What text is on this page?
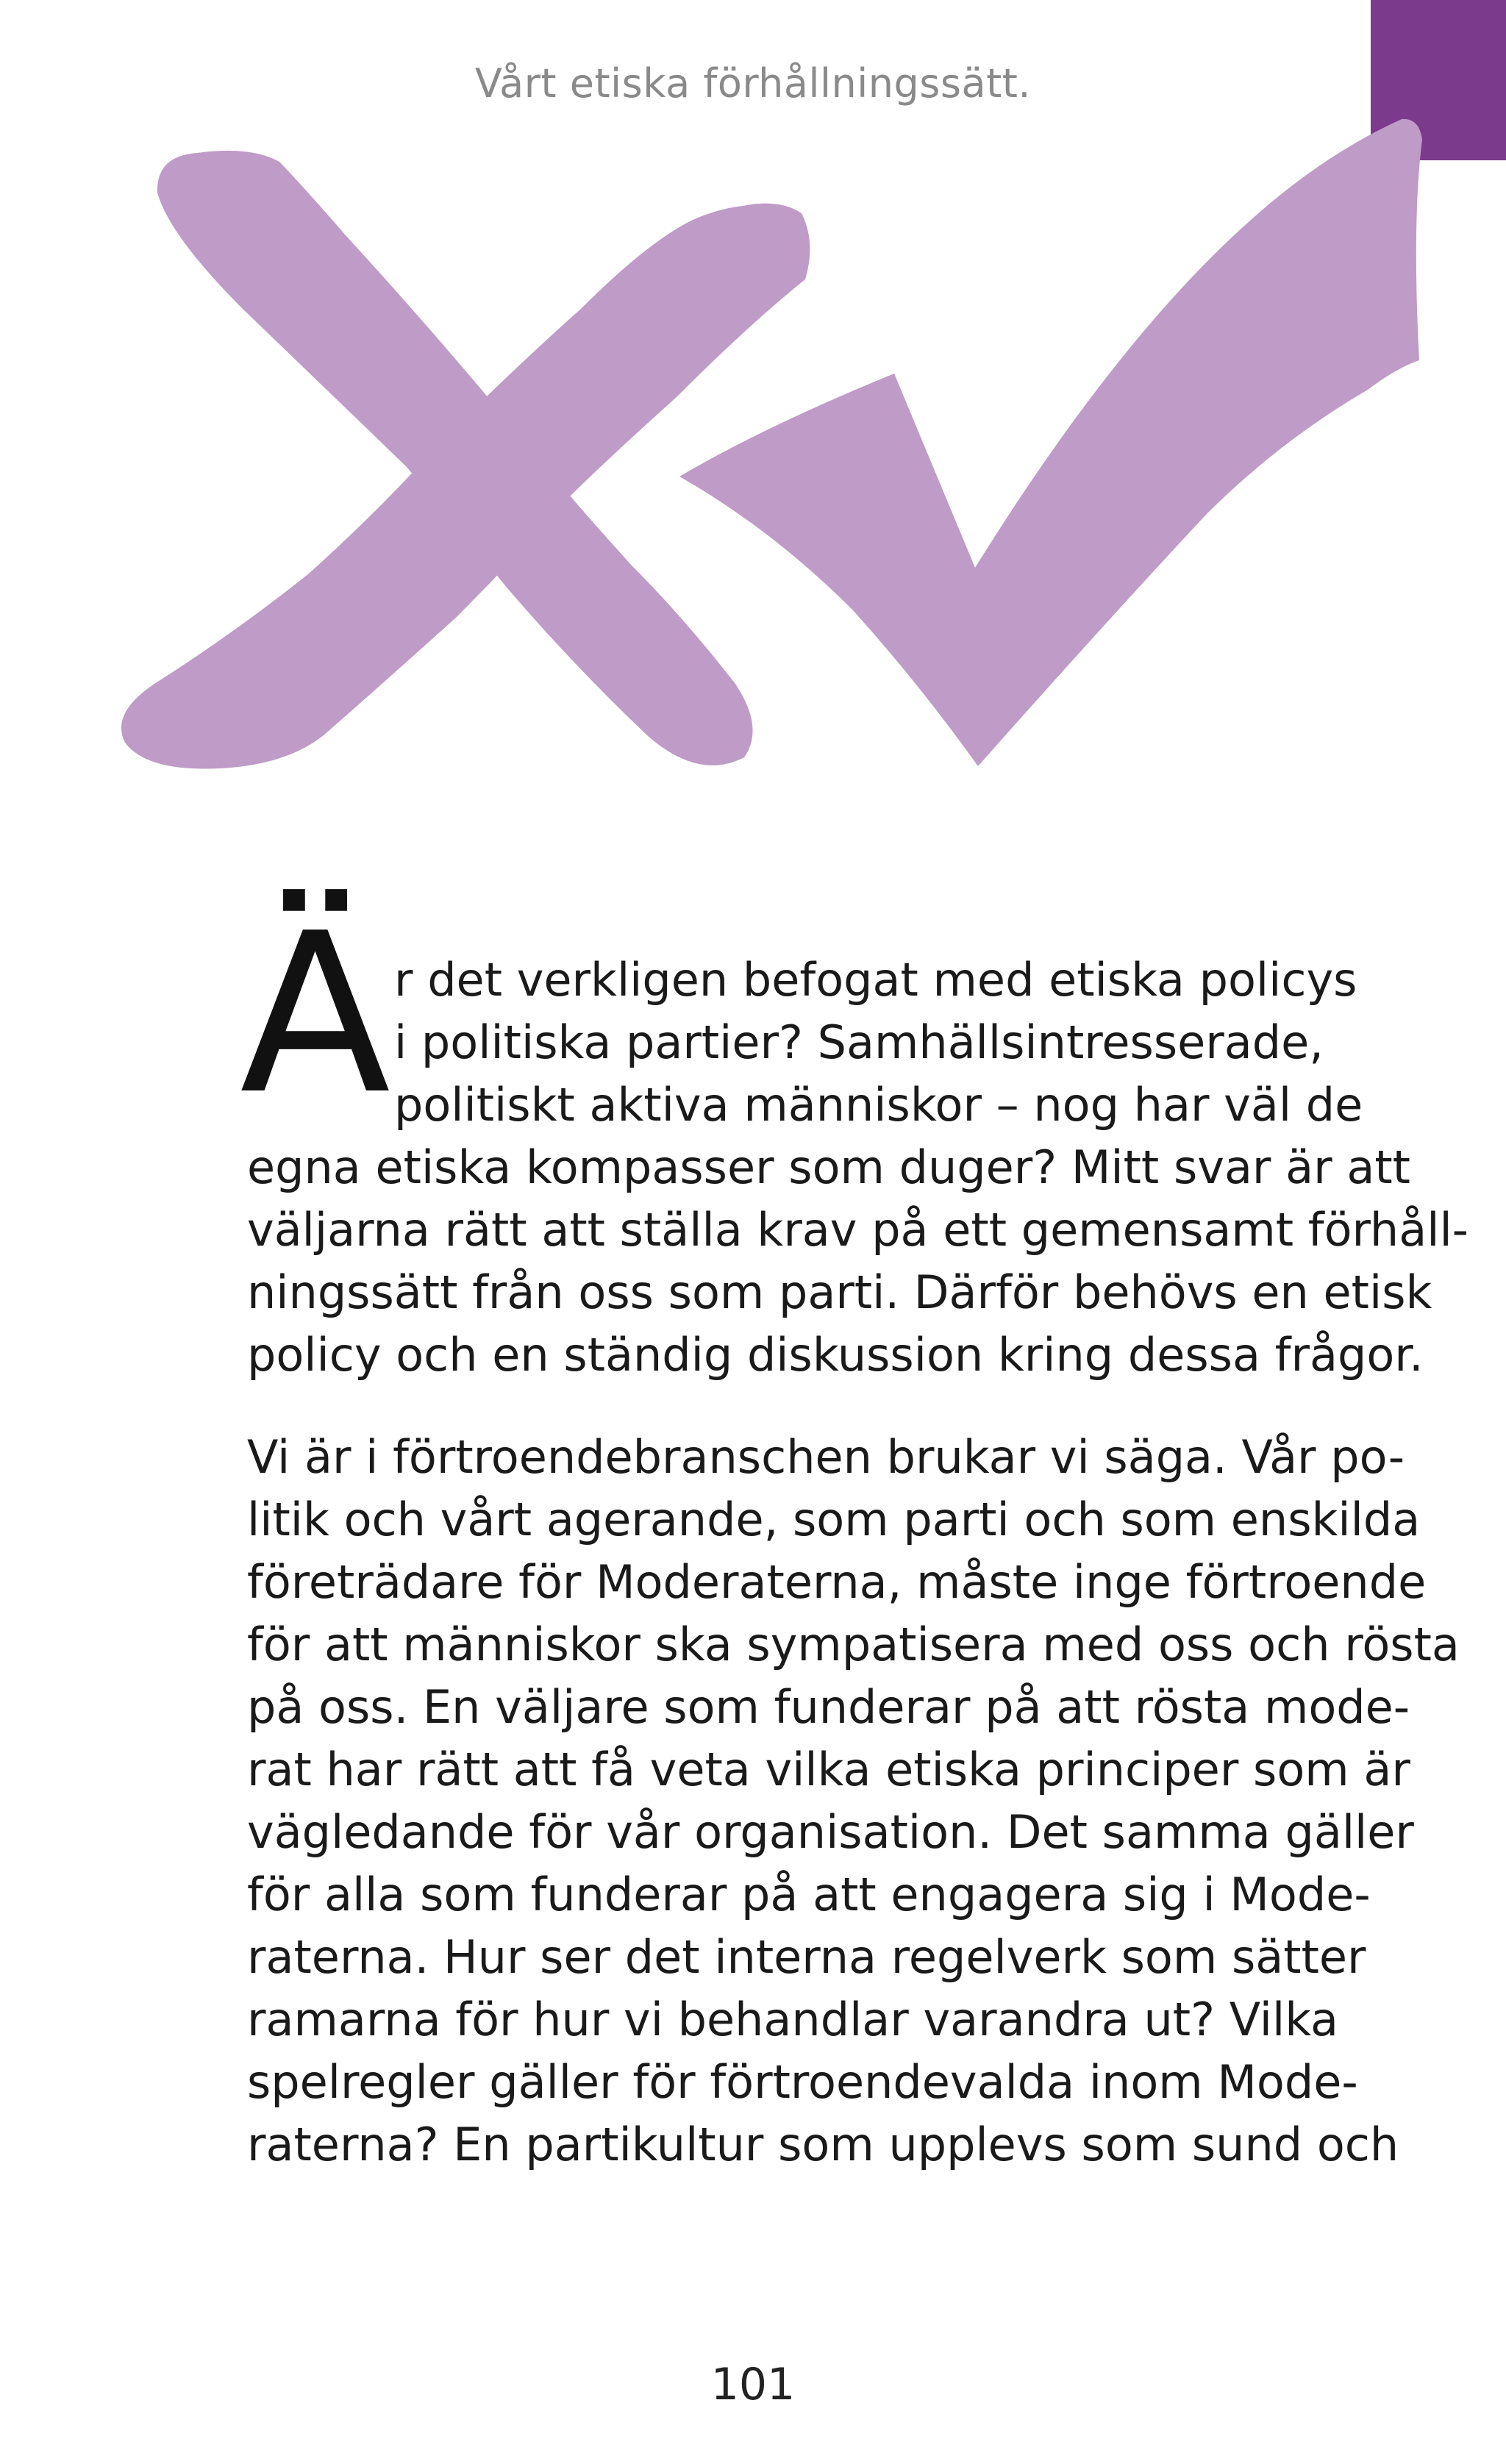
Vårt etiska förhållningssätt.
Ä r det verkligen befogat med etiska policys

i politiska partier? Samhällsintresserade,

politiskt aktiva människor – nog har väl de

egna etiska kompasser som duger? Mitt svar är att

väljarna rätt att ställa krav på ett gemensamt förhåll-

ningssätt från oss som parti. Därför behövs en etisk

policy och en ständig diskussion kring dessa frågor.

Vi är i förtroendebranschen brukar vi säga. Vår po-

litik och vårt agerande, som parti och som enskilda

företrädare för Moderaterna, måste inge förtroende

för att människor ska sympatisera med oss och rösta

på oss. En väljare som funderar på att rösta mode-

rat har rätt att få veta vilka etiska principer som är

vägledande för vår organisation. Det samma gäller

för alla som funderar på att engagera sig i Mode-

raterna. Hur ser det interna regelverk som sätter

ramarna för hur vi behandlar varandra ut? Vilka

spelregler gäller för förtroendevalda inom Mode-

raterna? En partikultur som upplevs som sund och

101
